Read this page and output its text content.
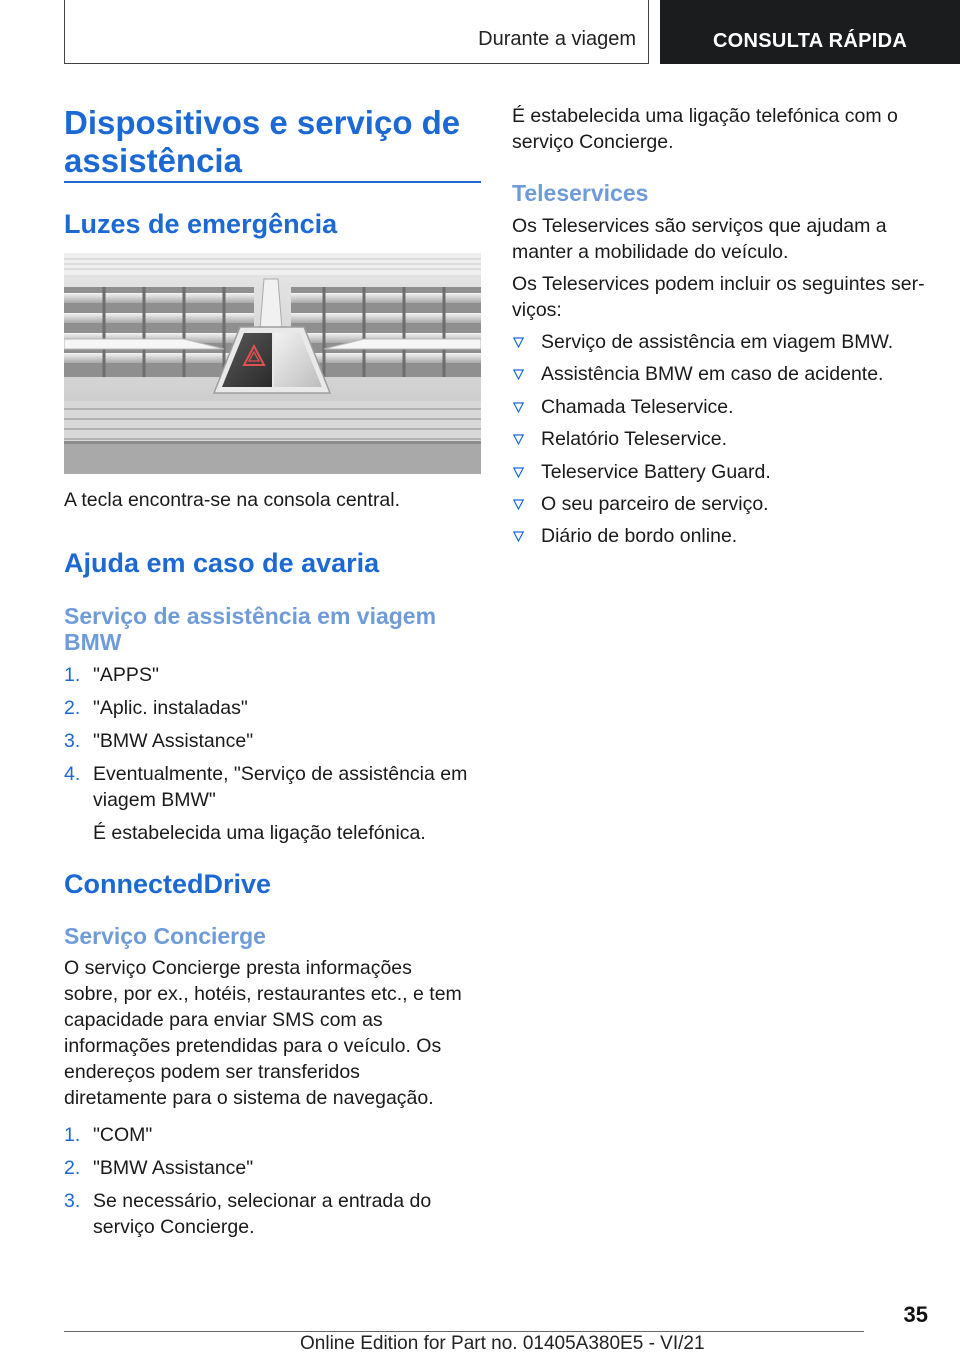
Durante a viagem	CONSULTA RÁPIDA
Dispositivos e serviço de assistência
Luzes de emergência

A tecla encontra-se na consola central.

Ajuda em caso de avaria
Serviço de assistência em viagem BMW
1. "APPS"
2. "Aplic. instaladas"
3. "BMW Assistance"
4. Eventualmente, "Serviço de assistência em viagem BMW"
É estabelecida uma ligação telefónica.
ConnectedDrive
Serviço Concierge

O serviço Concierge presta informações sobre, por ex., hotéis, restaurantes etc., e tem capacidade para enviar SMS com as informações pretendidas para o veículo. Os endereços podem ser transferidos diretamente para o sistema de navegação.

1. "COM"
2. "BMW Assistance"
3. Se necessário, selecionar a entrada do serviço Concierge.

É estabelecida uma ligação telefónica com o serviço Concierge.

Teleservices

Os Teleservices são serviços que ajudam a manter a mobilidade do veículo.

Os Teleservices podem incluir os seguintes serviços:

Serviço de assistência em viagem BMW.
Assistência BMW em caso de acidente.
Chamada Teleservice.
Relatório Teleservice.
Teleservice Battery Guard.
O seu parceiro de serviço.
Diário de bordo online.
35
Online Edition for Part no. 01405A380E5 - VI/21
